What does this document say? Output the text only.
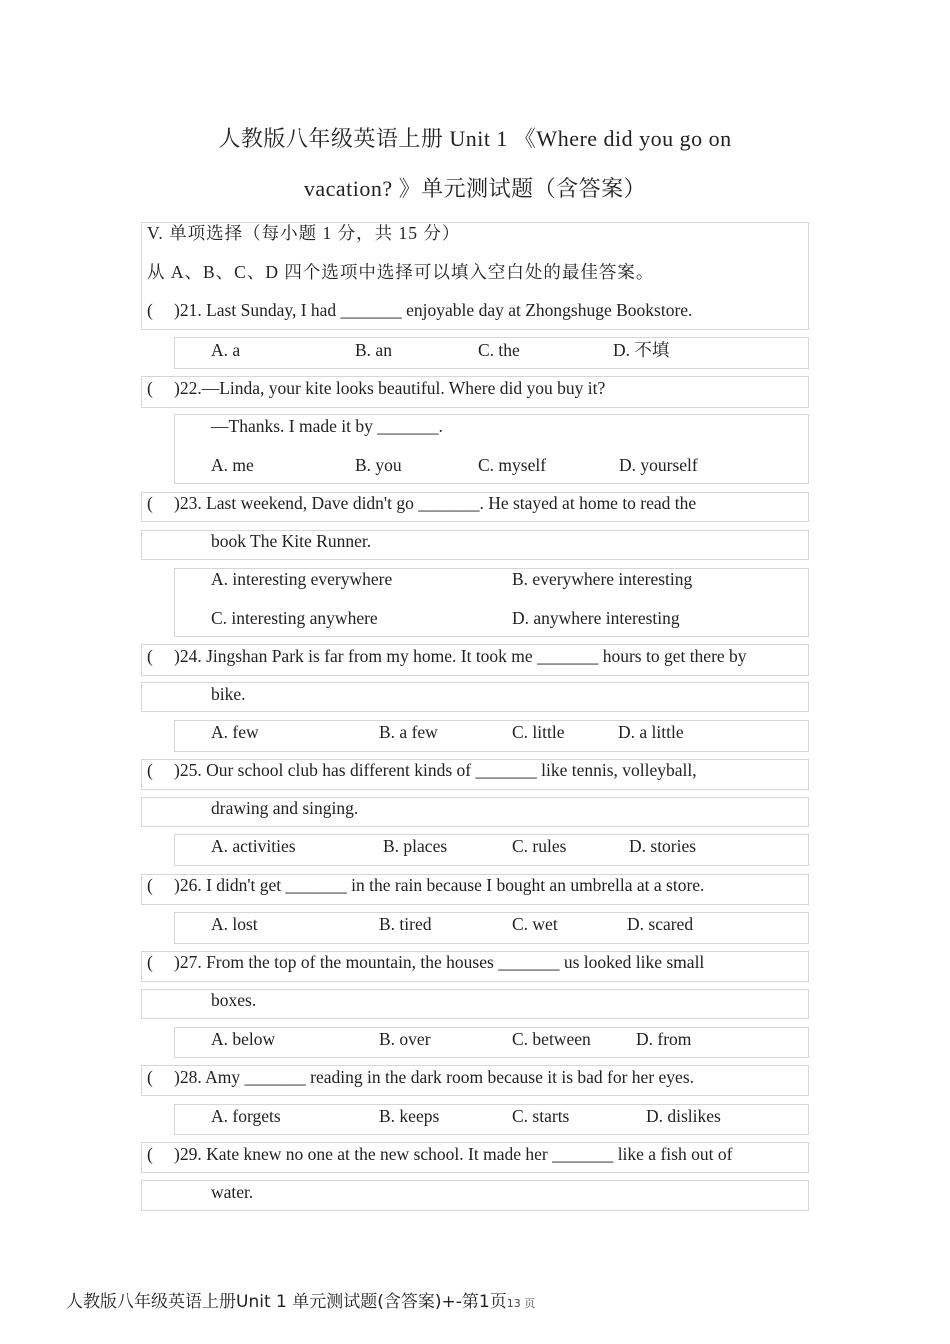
人教版八年级英语上册 Unit 1 《Where did you go on
vacation? 》单元测试题（含答案）
V. 单项选择（每小题 1 分，共 15 分）
从 A、B、C、D 四个选项中选择可以填入空白处的最佳答案。
( )21. Last Sunday, I had _______ enjoyable day at Zhongshuge Bookstore.
A. a	B. an	C. the	D. 不填
( )22.—Linda, your kite looks beautiful. Where did you buy it?
—Thanks. I made it by _______.
A. me	B. you	C. myself	D. yourself
( )23. Last weekend, Dave didn't go _______. He stayed at home to read the
book The Kite Runner.
A. interesting everywhere	B. everywhere interesting
C. interesting anywhere	D. anywhere interesting
( )24. Jingshan Park is far from my home. It took me _______ hours to get there by
bike.
A. few	B. a few	C. little	D. a little
( )25. Our school club has different kinds of _______ like tennis, volleyball,
drawing and singing.
A. activities	B. places	C. rules	D. stories
( )26. I didn't get _______ in the rain because I bought an umbrella at a store.
A. lost	B. tired	C. wet	D. scared
( )27. From the top of the mountain, the houses _______ us looked like small
boxes.
A. below	B. over	C. between	D. from
( )28. Amy _______ reading in the dark room because it is bad for her eyes.
A. forgets	B. keeps	C. starts	D. dislikes
( )29. Kate knew no one at the new school. It made her _______ like a fish out of
water.
人教版八年级英语上册Unit 1 单元测试题(含答案)+-第1页13 页
